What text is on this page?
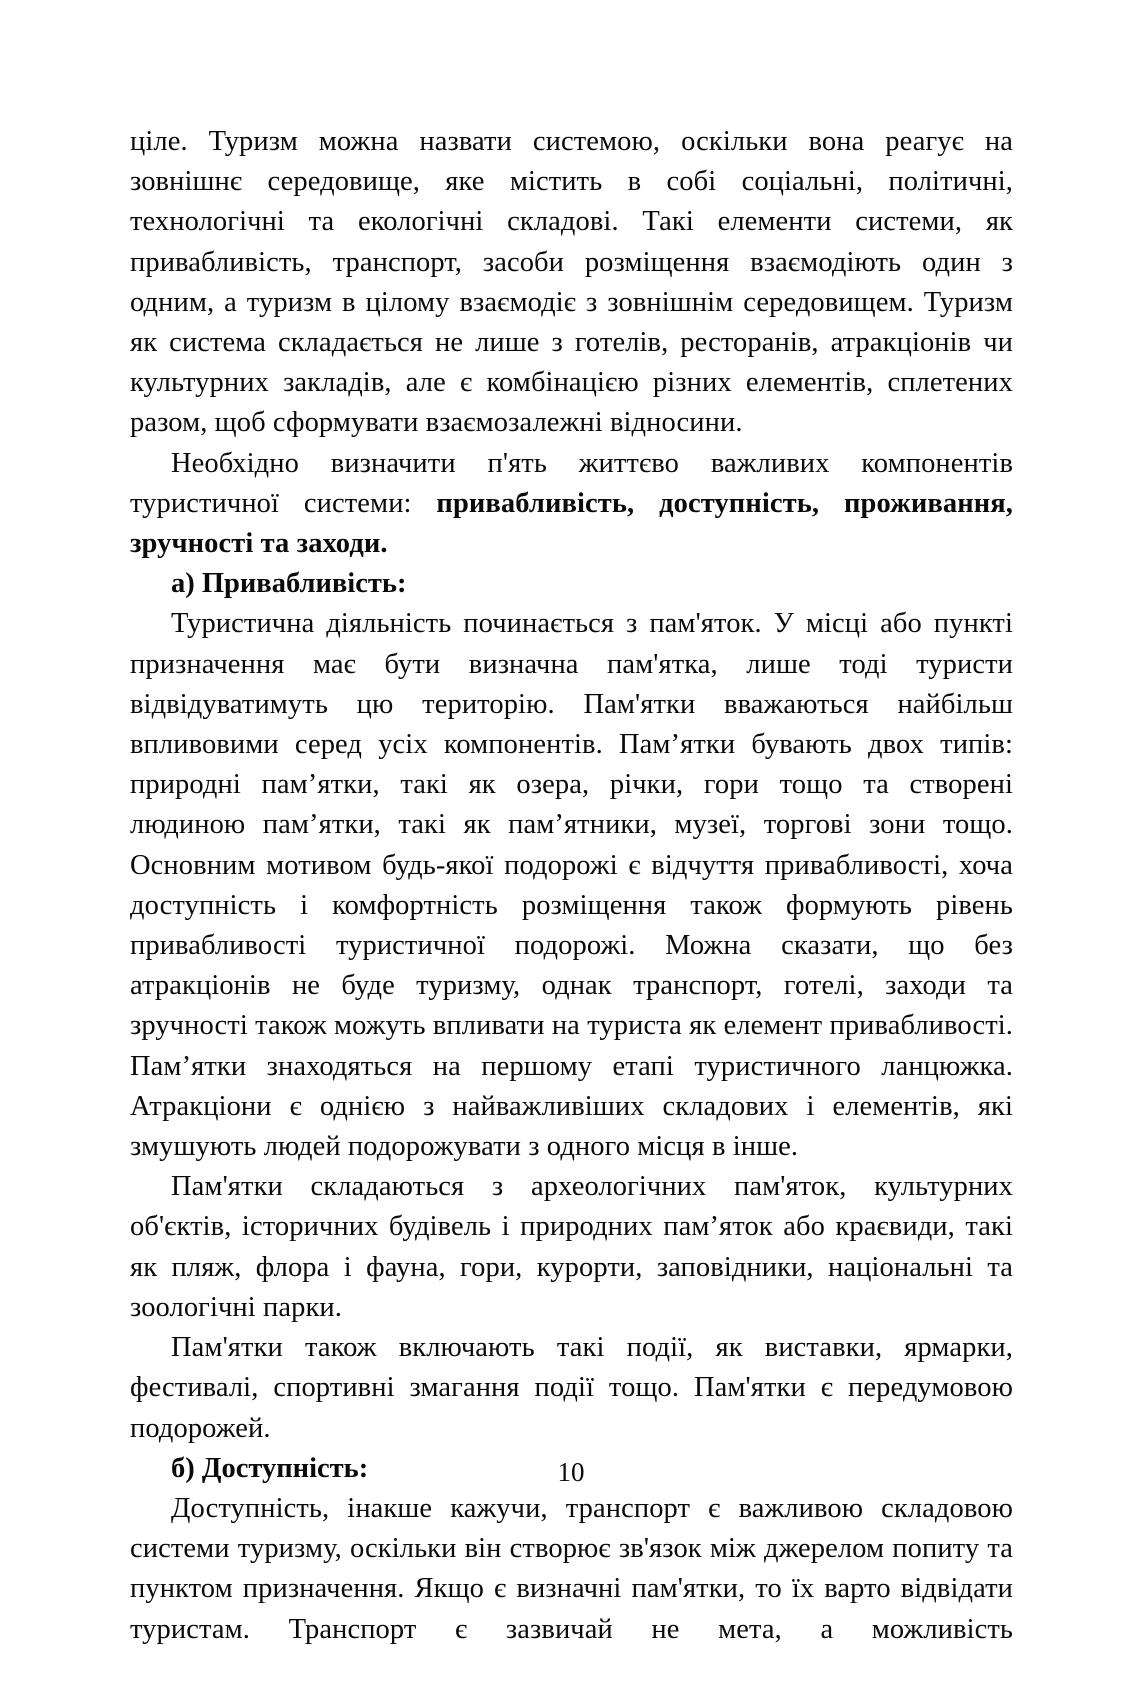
ціле. Туризм можна назвати системою, оскільки вона реагує на зовнішнє середовище, яке містить в собі соціальні, політичні, технологічні та екологічні складові. Такі елементи системи, як привабливість, транспорт, засоби розміщення взаємодіють один з одним, а туризм в цілому взаємодіє з зовнішнім середовищем. Туризм як система складається не лише з готелів, ресторанів, атракціонів чи культурних закладів, але є комбінацією різних елементів, сплетених разом, щоб сформувати взаємозалежні відносини.

Необхідно визначити п'ять життєво важливих компонентів туристичної системи: привабливість, доступність, проживання, зручності та заходи.

а) Привабливість:

Туристична діяльність починається з пам'яток. У місці або пункті призначення має бути визначна пам'ятка, лише тоді туристи відвідуватимуть цю територію. Пам'ятки вважаються найбільш впливовими серед усіх компонентів. Пам’ятки бувають двох типів: природні пам’ятки, такі як озера, річки, гори тощо та створені людиною пам’ятки, такі як пам’ятники, музеї, торгові зони тощо. Основним мотивом будь-якої подорожі є відчуття привабливості, хоча доступність і комфортність розміщення також формують рівень привабливості туристичної подорожі. Можна сказати, що без атракціонів не буде туризму, однак транспорт, готелі, заходи та зручності також можуть впливати на туриста як елемент привабливості. Пам’ятки знаходяться на першому етапі туристичного ланцюжка. Атракціони є однією з найважливіших складових і елементів, які змушують людей подорожувати з одного місця в інше.

Пам'ятки складаються з археологічних пам'яток, культурних об'єктів, історичних будівель і природних пам’яток або краєвиди, такі як пляж, флора і фауна, гори, курорти, заповідники, національні та зоологічні парки.

Пам'ятки також включають такі події, як виставки, ярмарки, фестивалі, спортивні змагання події тощо. Пам'ятки є передумовою подорожей.

б) Доступність:

Доступність, інакше кажучи, транспорт є важливою складовою системи туризму, оскільки він створює зв'язок між джерелом попиту та пунктом призначення. Якщо є визначні пам'ятки, то їх варто відвідати туристам. Транспорт є зазвичай не мета, а можливість

10
